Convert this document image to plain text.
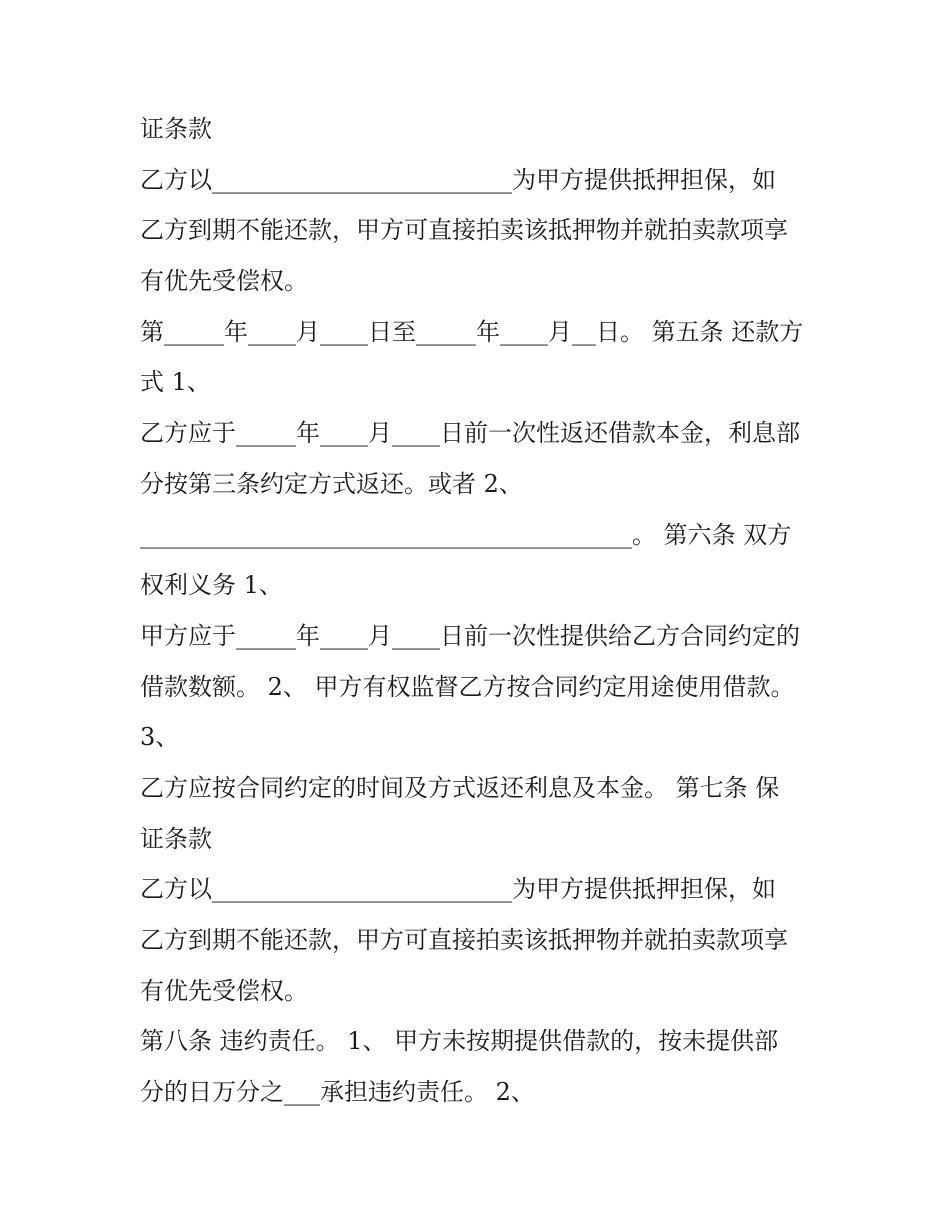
证条款
乙方以_________________________为甲方提供抵押担保，如
乙方到期不能还款，甲方可直接拍卖该抵押物并就拍卖款项享
有优先受偿权。
第_____年____月____日至_____年____月__日。 第五条 还款方
式 1、
乙方应于_____年____月____日前一次性返还借款本金，利息部
分按第三条约定方式返还。或者 2、
_________________________________________。 第六条 双方
权利义务 1、
甲方应于_____年____月____日前一次性提供给乙方合同约定的
借款数额。 2、 甲方有权监督乙方按合同约定用途使用借款。
3、
乙方应按合同约定的时间及方式返还利息及本金。 第七条 保
证条款
乙方以_________________________为甲方提供抵押担保，如
乙方到期不能还款，甲方可直接拍卖该抵押物并就拍卖款项享
有优先受偿权。
第八条 违约责任。 1、 甲方未按期提供借款的，按未提供部
分的日万分之___承担违约责任。 2、
